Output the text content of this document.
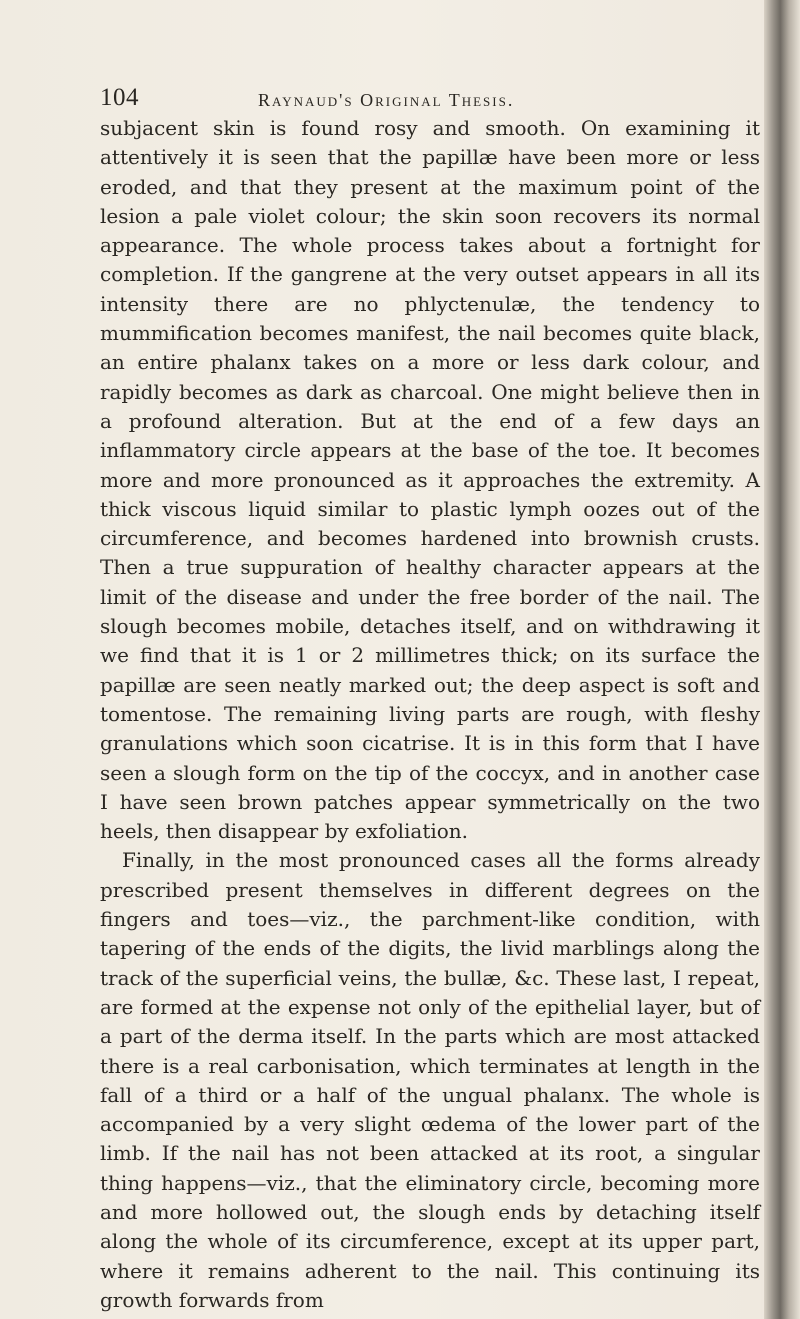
104	Raynaud's Original Thesis.

subjacent skin is found rosy and smooth. On examining it attentively it is seen that the papillæ have been more or less eroded, and that they present at the maximum point of the lesion a pale violet colour; the skin soon recovers its normal appearance. The whole process takes about a fortnight for completion. If the gangrene at the very outset appears in all its intensity there are no phlyctenulæ, the tendency to mummification becomes manifest, the nail becomes quite black, an entire phalanx takes on a more or less dark colour, and rapidly becomes as dark as charcoal. One might believe then in a profound alteration. But at the end of a few days an inflammatory circle appears at the base of the toe. It becomes more and more pronounced as it approaches the extremity. A thick viscous liquid similar to plastic lymph oozes out of the circumference, and becomes hardened into brownish crusts. Then a true suppuration of healthy character appears at the limit of the disease and under the free border of the nail. The slough becomes mobile, detaches itself, and on withdrawing it we find that it is 1 or 2 millimetres thick; on its surface the papillæ are seen neatly marked out; the deep aspect is soft and tomentose. The remaining living parts are rough, with fleshy granulations which soon cicatrise. It is in this form that I have seen a slough form on the tip of the coccyx, and in another case I have seen brown patches appear symmetrically on the two heels, then disappear by exfoliation.

Finally, in the most pronounced cases all the forms already prescribed present themselves in different degrees on the fingers and toes—viz., the parchment-like condition, with tapering of the ends of the digits, the livid marblings along the track of the superficial veins, the bullæ, &c. These last, I repeat, are formed at the expense not only of the epithelial layer, but of a part of the derma itself. In the parts which are most attacked there is a real carbonisation, which terminates at length in the fall of a third or a half of the ungual phalanx. The whole is accompanied by a very slight œdema of the lower part of the limb. If the nail has not been attacked at its root, a singular thing happens—viz., that the eliminatory circle, becoming more and more hollowed out, the slough ends by detaching itself along the whole of its circumference, except at its upper part, where it remains adherent to the nail. This continuing its growth forwards from
